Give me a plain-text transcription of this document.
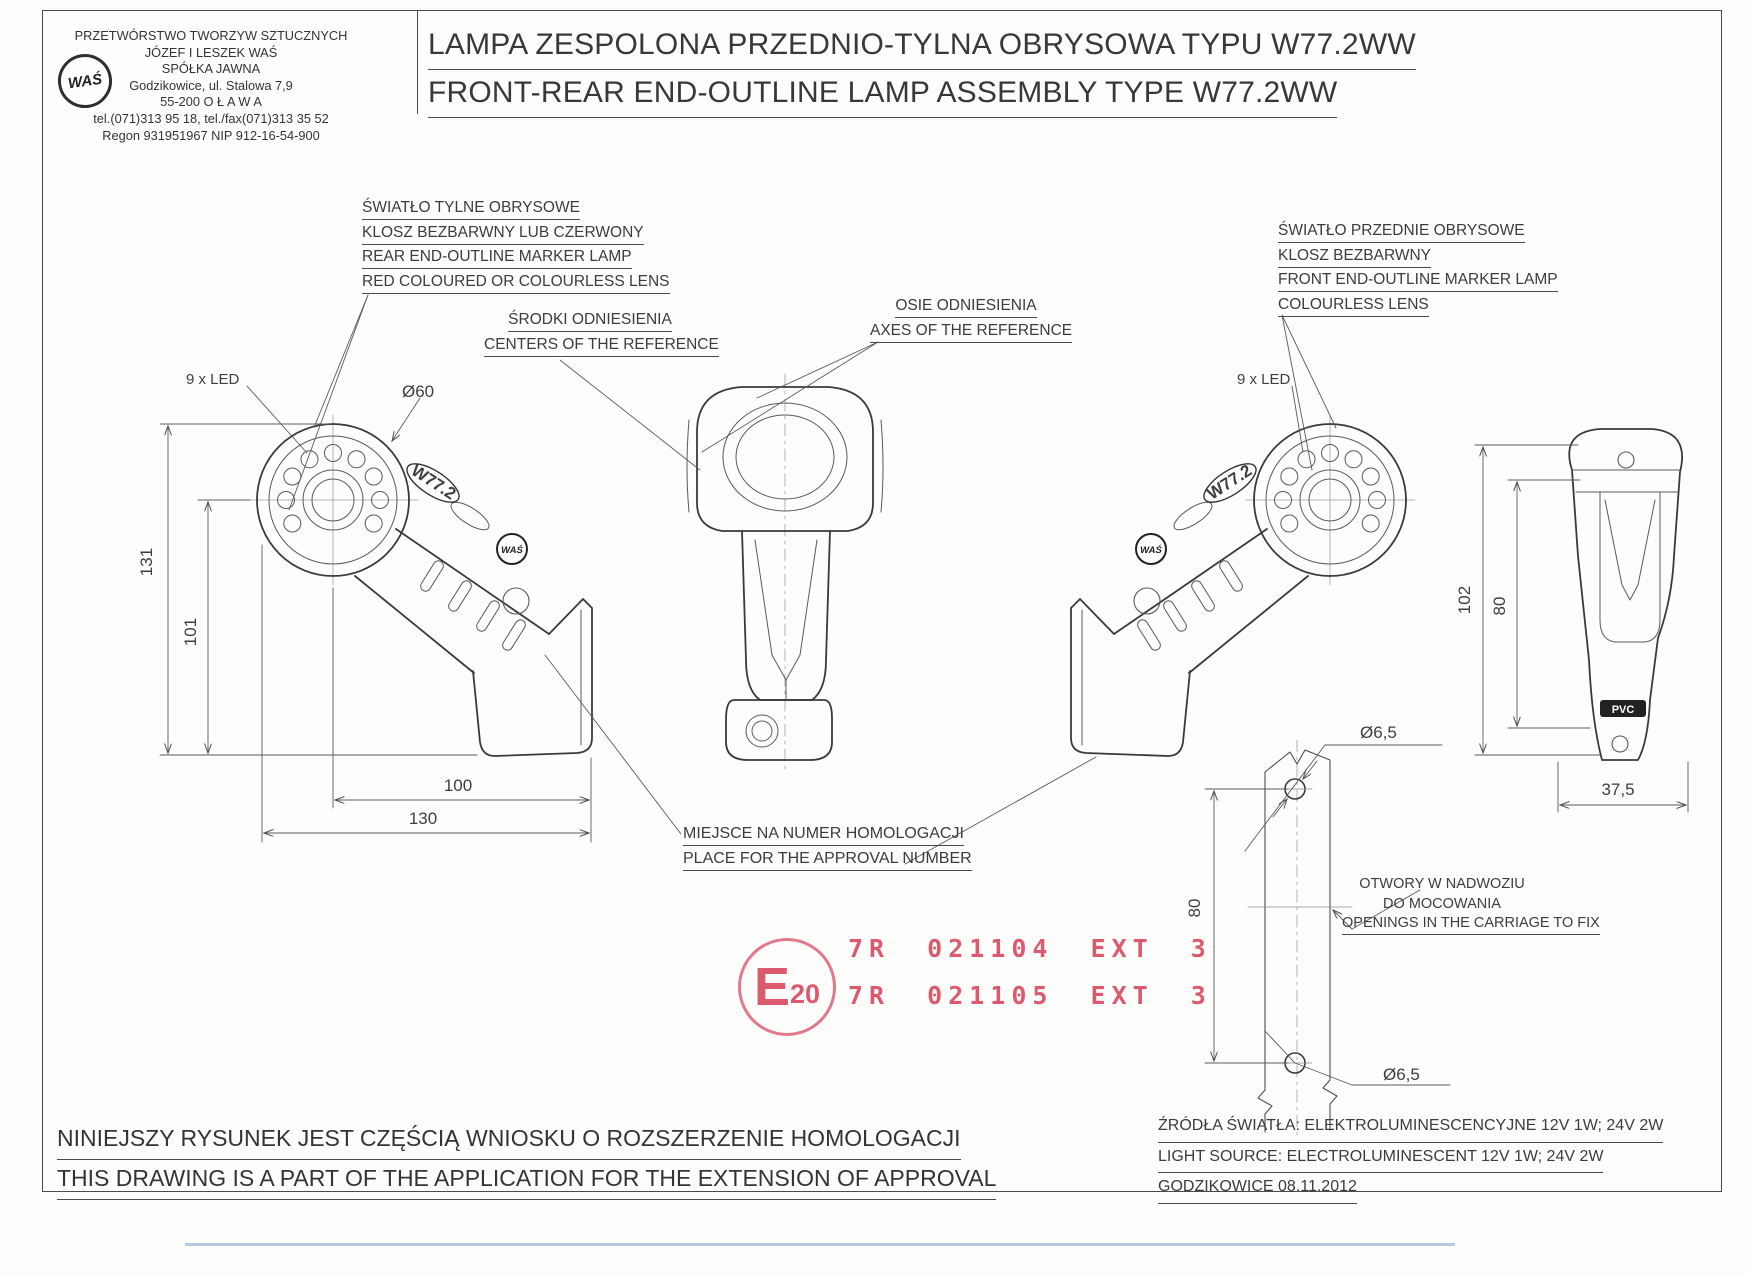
PRZETWÓRSTWO TWORZYW SZTUCZNYCH
JÓZEF I LESZEK WAŚ
SPÓŁKA JAWNA
Godzikowice, ul. Stalowa 7,9
55-200 O Ł A W A
tel.(071)313 95 18, tel./fax(071)313 35 52
Regon 931951967 NIP 912-16-54-900
WAŚ
LAMPA ZESPOLONA PRZEDNIO-TYLNA OBRYSOWA TYPU W77.2WW
FRONT-REAR END-OUTLINE LAMP ASSEMBLY TYPE W77.2WW
W77.2	W77.2
WAŚ	WAŚ
PVC
9 x LED	9 x LED
Ø60
131
101
100
130
102 80
37,5
Ø6,5
Ø6,5
80
ŚWIATŁO TYLNE OBRYSOWE
KLOSZ BEZBARWNY LUB CZERWONY
REAR END-OUTLINE MARKER LAMP
RED COLOURED OR COLOURLESS LENS
ŚRODKI ODNIESIENIA
CENTERS OF THE REFERENCE
OSIE ODNIESIENIA
AXES OF THE REFERENCE
ŚWIATŁO PRZEDNIE OBRYSOWE
KLOSZ BEZBARWNY
FRONT END-OUTLINE MARKER LAMP
COLOURLESS LENS
MIEJSCE NA NUMER HOMOLOGACJI
PLACE FOR THE APPROVAL NUMBER
OTWORY W NADWOZIU
DO MOCOWANIA
OPENINGS IN THE CARRIAGE TO FIX
E 20
7R 021104 EXT 3
7R 021105 EXT 3
NINIEJSZY RYSUNEK JEST CZĘŚCIĄ WNIOSKU O ROZSZERZENIE HOMOLOGACJI
THIS DRAWING IS A PART OF THE APPLICATION FOR THE EXTENSION OF APPROVAL
ŹRÓDŁA ŚWIATŁA: ELEKTROLUMINESCENCYJNE 12V 1W; 24V 2W
LIGHT SOURCE: ELECTROLUMINESCENT 12V 1W; 24V 2W
GODZIKOWICE 08.11.2012
